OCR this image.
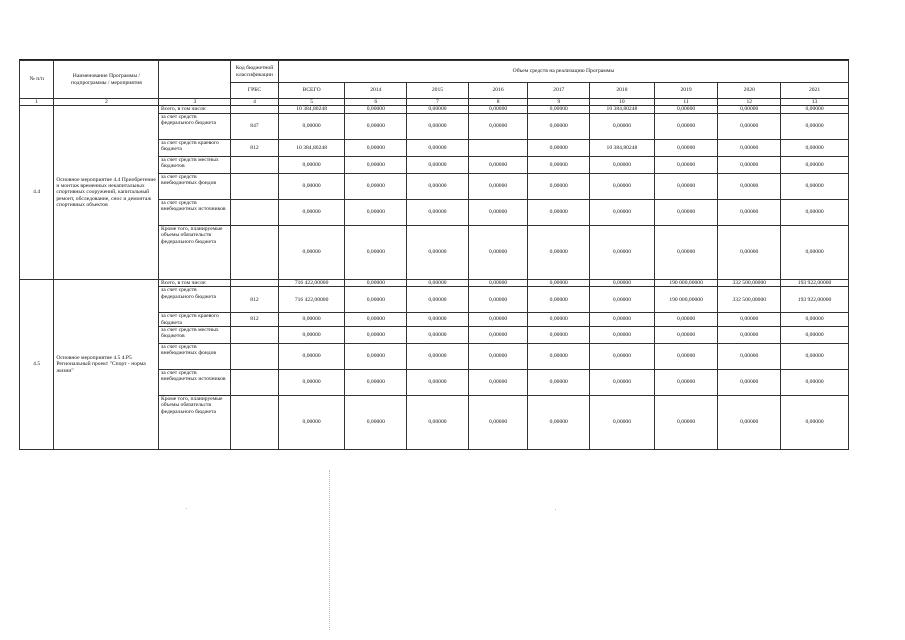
№ п/п	Наименование Программы / подпрограммы / мероприятия		Код бюджетной классификации	Объем средств на реализацию Программы								
			ГРБС	ВСЕГО	2014	2015	2016	2017	2018	2019	2020	2021
1	2	3	4	5	6	7	8	9	10	11	12	13
4.4	Основное мероприятие 4.4 Приобретение и монтаж временных некапитальных спортивных сооружений, капитальный ремонт, обследование, снос и демонтаж спортивных объектов	Всего, в том числе:		10 384,80248	0,00000	0,00000	0,00000	0,00000	10 384,80248	0,00000	0,00000	0,00000
		за счет средств федерального бюджета	847	0,00000	0,00000	0,00000	0,00000	0,00000	0,00000	0,00000	0,00000	0,00000
		за счет средств краевого бюджета	812	10 384,80248	0,00000	0,00000		0,00000	10 384,80248	0,00000	0,00000	0,00000
		за счет средств местных бюджетов		0,00000	0,00000	0,00000	0,00000	0,00000	0,00000	0,00000	0,00000	0,00000
		за счет средств внебюджетных фондов		0,00000	0,00000	0,00000	0,00000	0,00000	0,00000	0,00000	0,00000	0,00000
		за счет средств внебюджетных источников		0,00000	0,00000	0,00000	0,00000	0,00000	0,00000	0,00000	0,00000	0,00000
		Кроме того, планируемые объемы обязательств федерального бюджета		0,00000	0,00000	0,00000	0,00000	0,00000	0,00000	0,00000	0,00000	0,00000
4.5	Основное мероприятие 4.5 4.P5 Региональный проект "Спорт - норма жизни"	Всего, в том числе:		716 422,00000	0,00000	0,00000	0,00000	0,00000	0,00000	190 000,00000	332 500,00000	193 922,00000
		за счет средств федерального бюджета	812	716 422,00000	0,00000	0,00000	0,00000	0,00000	0,00000	190 000,00000	332 500,00000	193 922,00000
		за счет средств краевого бюджета	812	0,00000	0,00000	0,00000	0,00000	0,00000	0,00000	0,00000	0,00000	0,00000
		за счет средств местных бюджетов		0,00000	0,00000	0,00000	0,00000	0,00000	0,00000	0,00000	0,00000	0,00000
		за счет средств внебюджетных фондов		0,00000	0,00000	0,00000	0,00000	0,00000	0,00000	0,00000	0,00000	0,00000
		за счет средств внебюджетных источников		0,00000	0,00000	0,00000	0,00000	0,00000	0,00000	0,00000	0,00000	0,00000
		Кроме того, планируемые объемы обязательств федерального бюджета		0,00000	0,00000	0,00000	0,00000	0,00000	0,00000	0,00000	0,00000	0,00000
